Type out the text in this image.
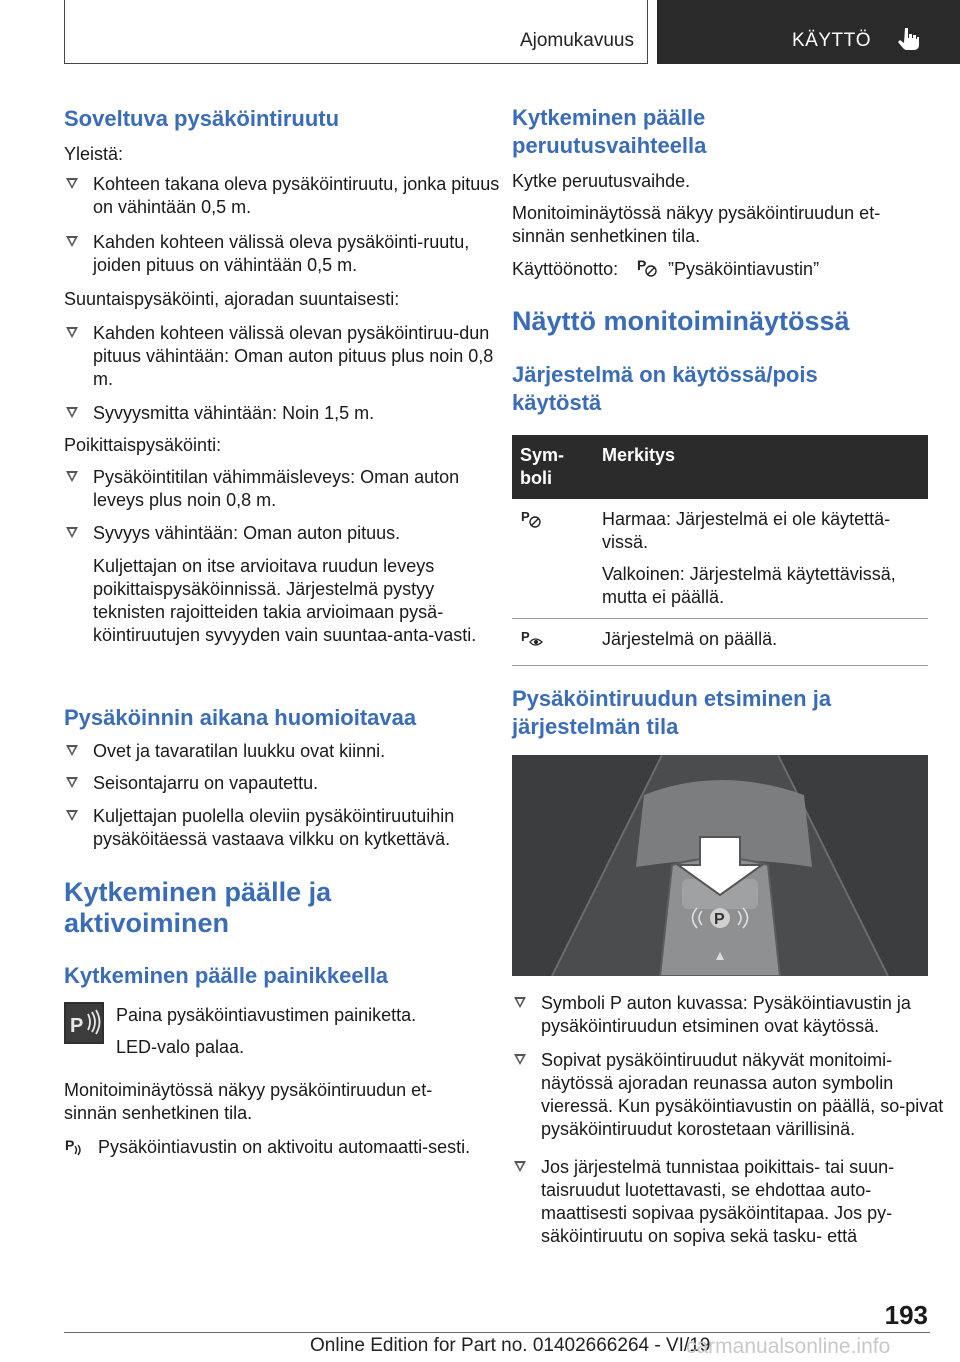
Ajomukavuus	KÄYTTÖ
Soveltuva pysäköintiruutu

Yleistä:

Kohteen takana oleva pysäköintiruutu, jonka pituus on vähintään 0,5 m.
Kahden kohteen välissä oleva pysäköinti‐ruutu, joiden pituus on vähintään 0,5 m.

Suuntaispysäköinti, ajoradan suuntaisesti:

Kahden kohteen välissä olevan pysäköintiruu‐dun pituus vähintään: Oman auton pituus plus noin 0,8 m.
Syvyysmitta vähintään: Noin 1,5 m.

Poikittaispysäköinti:

Pysäköintitilan vähimmäisleveys: Oman auton leveys plus noin 0,8 m.
Syvyys vähintään: Oman auton pituus.

Kuljettajan on itse arvioitava ruudun leveys poikittaispysäköinnissä. Järjestelmä pystyy teknisten rajoitteiden takia arvioimaan pysä‐köintiruutujen syvyyden vain suuntaa-anta‐vasti.

Pysäköinnin aikana huomioitavaa
Ovet ja tavaratilan luukku ovat kiinni.
Seisontajarru on vapautettu.
Kuljettajan puolella oleviin pysäköintiruutuihin pysäköitäessä vastaava vilkku on kytkettävä.
Kytkeminen päälle ja aktivoiminen
Kytkeminen päälle painikkeella
P Paina pysäköintiavustimen painiketta.

LED-valo palaa.

Monitoiminäytössä näkyy pysäköintiruudun et‐sinnän senhetkinen tila.

P	Pysäköintiavustin on aktivoitu automaatti‐sesti.

Kytkeminen päälle peruutusvaihteella

Kytke peruutusvaihde.

Monitoiminäytössä näkyy pysäköintiruudun et‐sinnän senhetkinen tila.

Käyttöönotto: P ”Pysäköintiavustin”

Näyttö monitoiminäytössä
Järjestelmä on käytössä/pois käytöstä
Sym‐boli	Merkitys

P	Harmaa: Järjestelmä ei ole käytettä‐vissä.
Valkoinen: Järjestelmä käytettävissä, mutta ei päällä.

P	Järjestelmä on päällä.
Pysäköintiruudun etsiminen ja järjestelmän tila
P
Symboli P auton kuvassa: Pysäköintiavustin ja pysäköintiruudun etsiminen ovat käytössä.
Sopivat pysäköintiruudut näkyvät monitoimi‐näytössä ajoradan reunassa auton symbolin vieressä. Kun pysäköintiavustin on päällä, so‐pivat pysäköintiruudut korostetaan värillisinä.
Jos järjestelmä tunnistaa poikittais- tai suun‐taisruudut luotettavasti, se ehdottaa auto‐maattisesti sopivaa pysäköintitapaa. Jos py‐säköintiruutu on sopiva sekä tasku- että
193
Online Edition for Part no. 01402666264 - VI/19
carmanualsonline.info
